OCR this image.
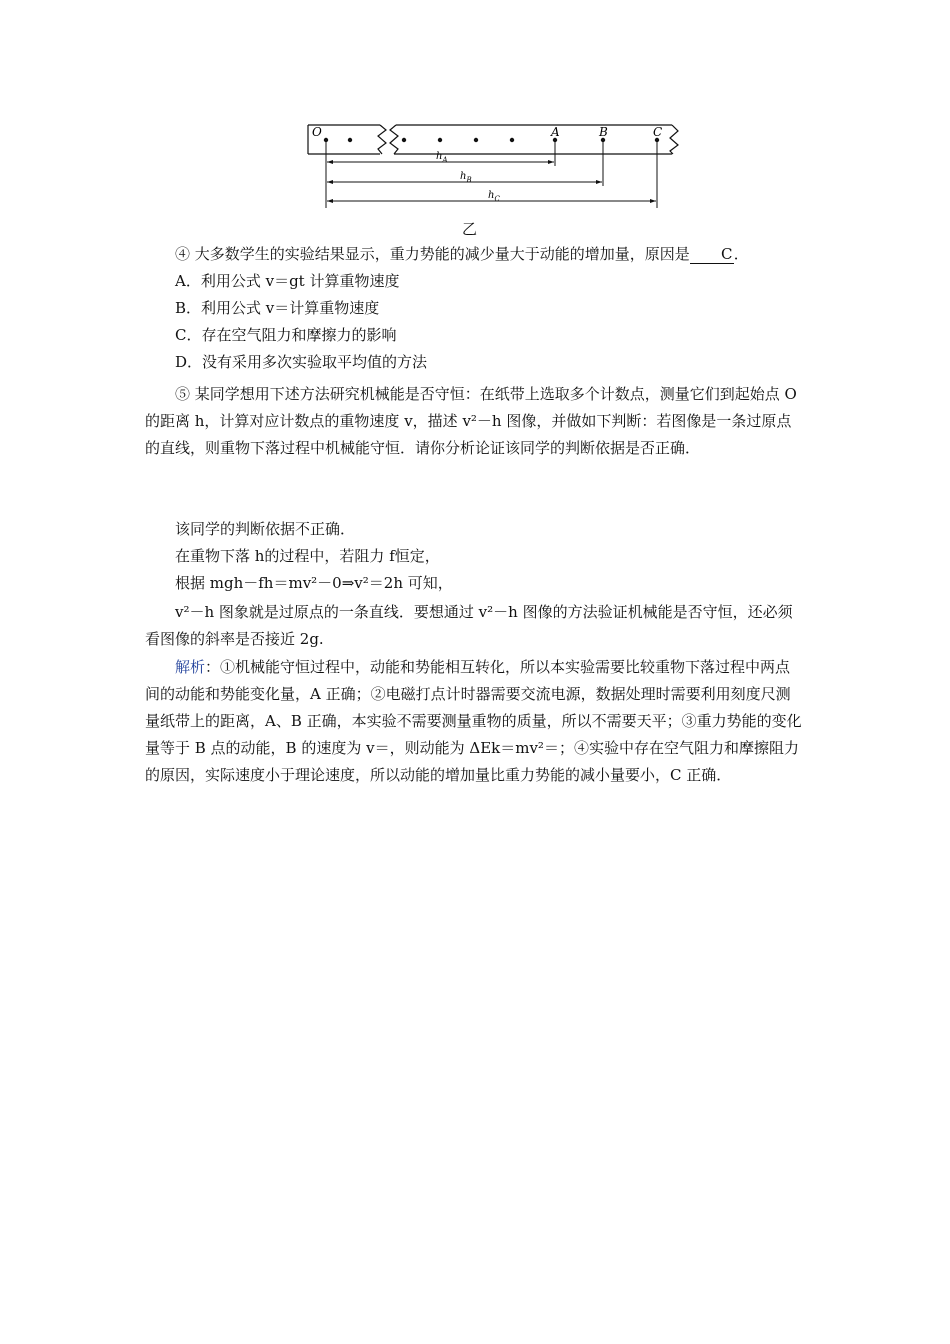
O	A	B	C
$h_A$
$h_B$
$h_C$
乙

④ 大多数学生的实验结果显示，重力势能的减少量大于动能的增加量，原因是 C．

A．利用公式 v＝gt 计算重物速度
B．利用公式 v＝计算重物速度
C．存在空气阻力和摩擦力的影响
D．没有采用多次实验取平均值的方法

⑤ 某同学想用下述方法研究机械能是否守恒：在纸带上选取多个计数点，测量它们到起始点 O的距离 h，计算对应计数点的重物速度 v，描述 v²－h 图像，并做如下判断：若图像是一条过原点的直线，则重物下落过程中机械能守恒．请你分析论证该同学的判断依据是否正确．

该同学的判断依据不正确．

在重物下落 h的过程中，若阻力 f恒定，

根据 mgh－fh＝mv²－0⇒v²＝2h 可知，

v²－h 图象就是过原点的一条直线．要想通过 v²－h 图像的方法验证机械能是否守恒，还必须看图像的斜率是否接近 2g.

解析：①机械能守恒过程中，动能和势能相互转化，所以本实验需要比较重物下落过程中两点间的动能和势能变化量，A 正确；②电磁打点计时器需要交流电源，数据处理时需要利用刻度尺测量纸带上的距离，A、B 正确，本实验不需要测量重物的质量，所以不需要天平；③重力势能的变化量等于 B 点的动能，B 的速度为 v＝，则动能为 ΔEk＝mv²＝；④实验中存在空气阻力和摩擦阻力的原因，实际速度小于理论速度，所以动能的增加量比重力势能的减小量要小，C 正确．
